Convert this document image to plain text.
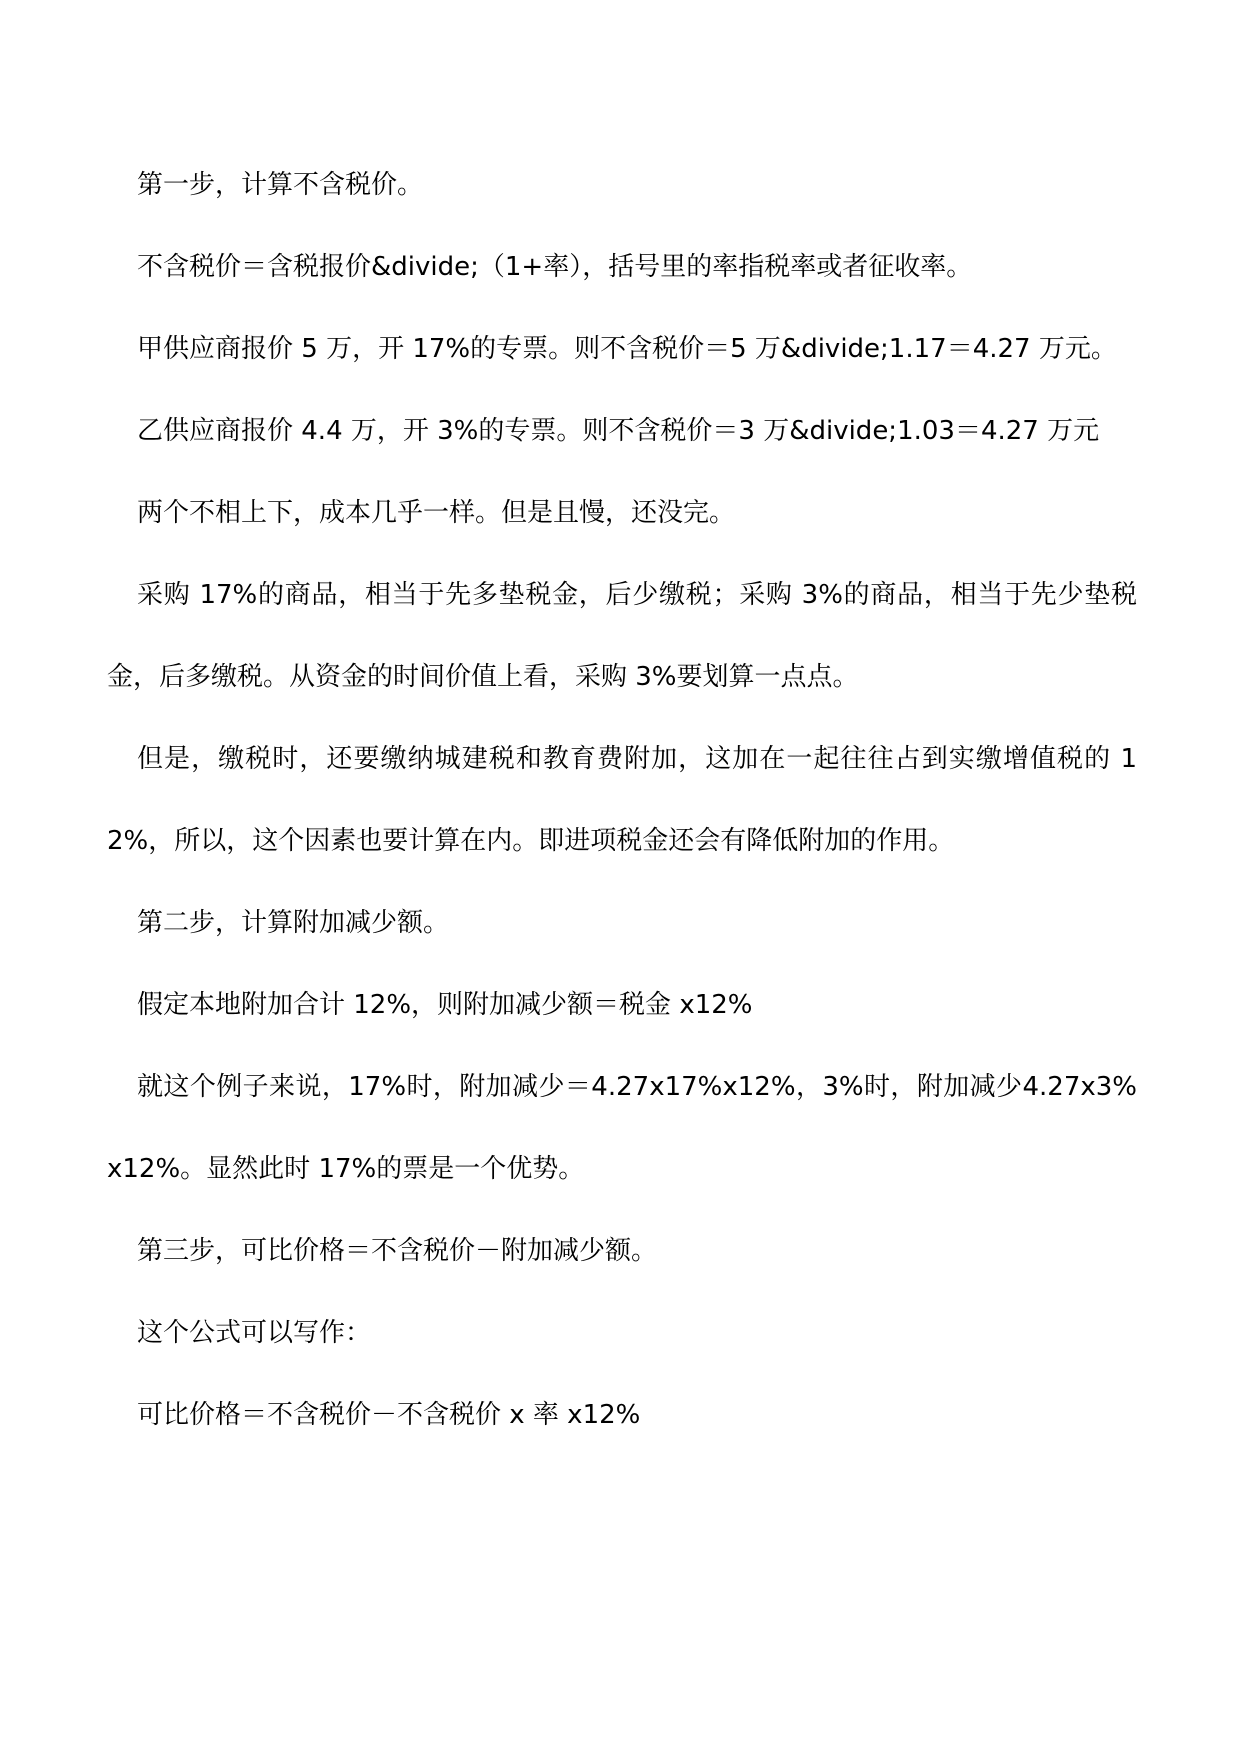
第一步，计算不含税价。

不含税价＝含税报价&divide;（1+率），括号里的率指税率或者征收率。

甲供应商报价 5 万，开 17%的专票。则不含税价＝5 万&divide;1.17＝4.27 万元。

乙供应商报价 4.4 万，开 3%的专票。则不含税价＝3 万&divide;1.03＝4.27 万元

两个不相上下，成本几乎一样。但是且慢，还没完。

采购 17%的商品，相当于先多垫税金，后少缴税；采购 3%的商品，相当于先少垫税金，后多缴税。从资金的时间价值上看，采购 3%要划算一点点。

但是，缴税时，还要缴纳城建税和教育费附加，这加在一起往往占到实缴增值税的 12%，所以，这个因素也要计算在内。即进项税金还会有降低附加的作用。

第二步，计算附加减少额。

假定本地附加合计 12%，则附加减少额＝税金 x12%

就这个例子来说，17%时，附加减少＝4.27x17%x12%，3%时，附加减少4.27x3%x12%。显然此时 17%的票是一个优势。

第三步，可比价格＝不含税价－附加减少额。

这个公式可以写作：

可比价格＝不含税价－不含税价 x 率 x12%
